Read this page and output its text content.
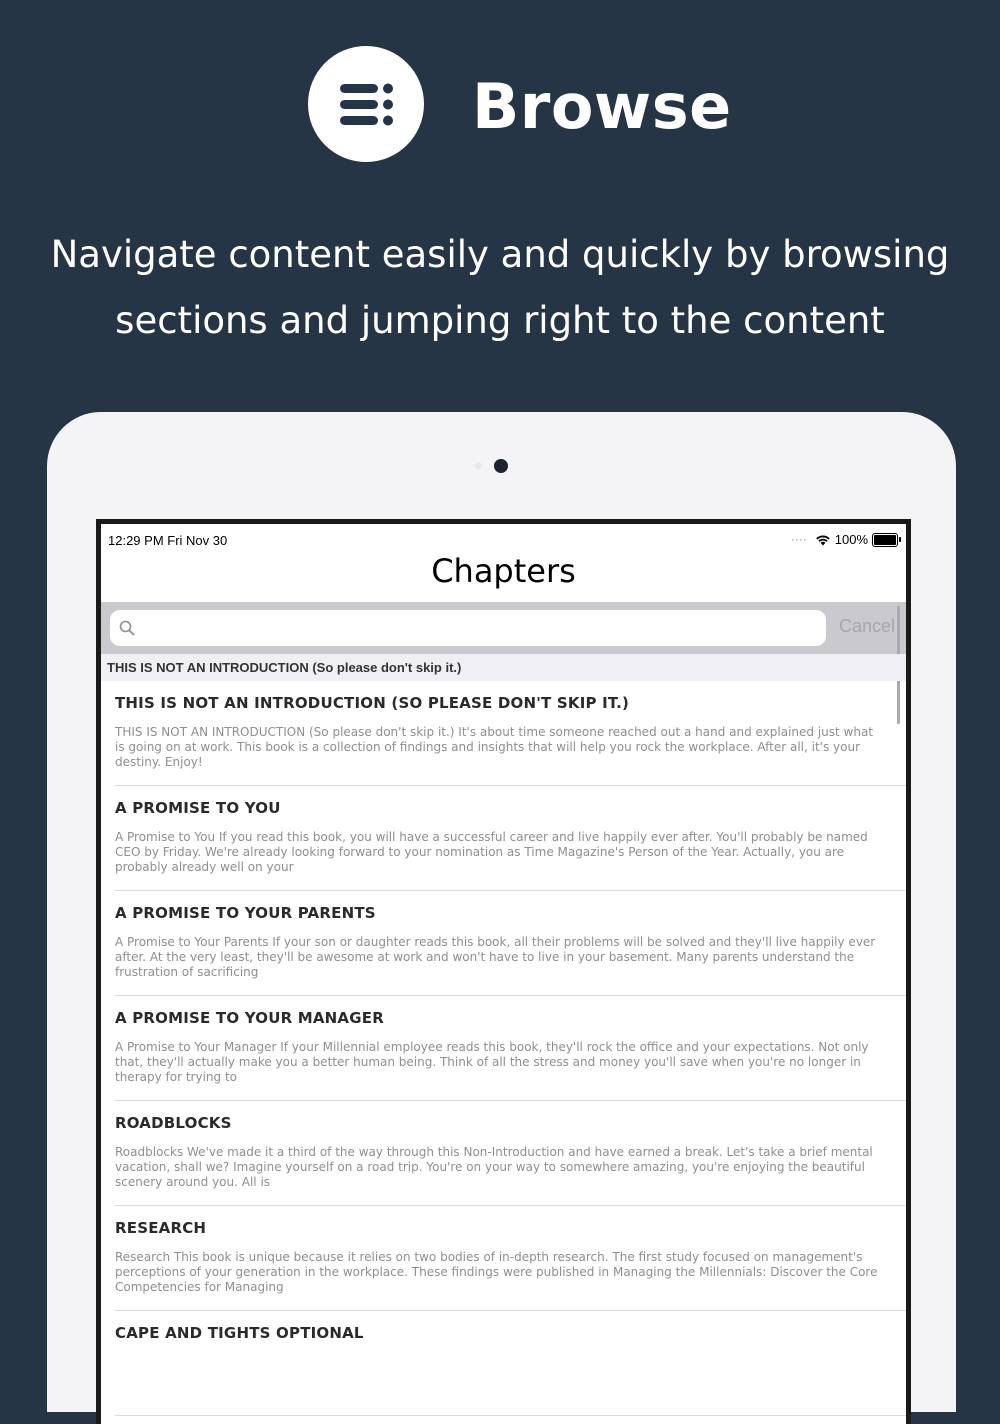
Browse
Navigate content easily and quickly by browsing
sections and jumping right to the content
12:29 PM Fri Nov 30	···· 100%
Chapters
Cancel
THIS IS NOT AN INTRODUCTION (So please don't skip it.)
THIS IS NOT AN INTRODUCTION (SO PLEASE DON'T SKIP IT.)
THIS IS NOT AN INTRODUCTION (So please don't skip it.) It's about time someone reached out a hand and explained just what is going on at work. This book is a collection of findings and insights that will help you rock the workplace. After all, it's your destiny. Enjoy!
A PROMISE TO YOU
A Promise to You If you read this book, you will have a successful career and live happily ever after. You'll probably be named CEO by Friday. We're already looking forward to your nomination as Time Magazine's Person of the Year. Actually, you are probably already well on your
A PROMISE TO YOUR PARENTS
A Promise to Your Parents If your son or daughter reads this book, all their problems will be solved and they'll live happily ever after. At the very least, they'll be awesome at work and won't have to live in your basement. Many parents understand the frustration of sacrificing
A PROMISE TO YOUR MANAGER
A Promise to Your Manager If your Millennial employee reads this book, they'll rock the office and your expectations. Not only that, they'll actually make you a better human being. Think of all the stress and money you'll save when you're no longer in therapy for trying to
ROADBLOCKS
Roadblocks We've made it a third of the way through this Non-Introduction and have earned a break. Let's take a brief mental vacation, shall we? Imagine yourself on a road trip. You're on your way to somewhere amazing, you're enjoying the beautiful scenery around you. All is
RESEARCH
Research This book is unique because it relies on two bodies of in-depth research. The first study focused on management's perceptions of your generation in the workplace. These findings were published in Managing the Millennials: Discover the Core Competencies for Managing
CAPE AND TIGHTS OPTIONAL
